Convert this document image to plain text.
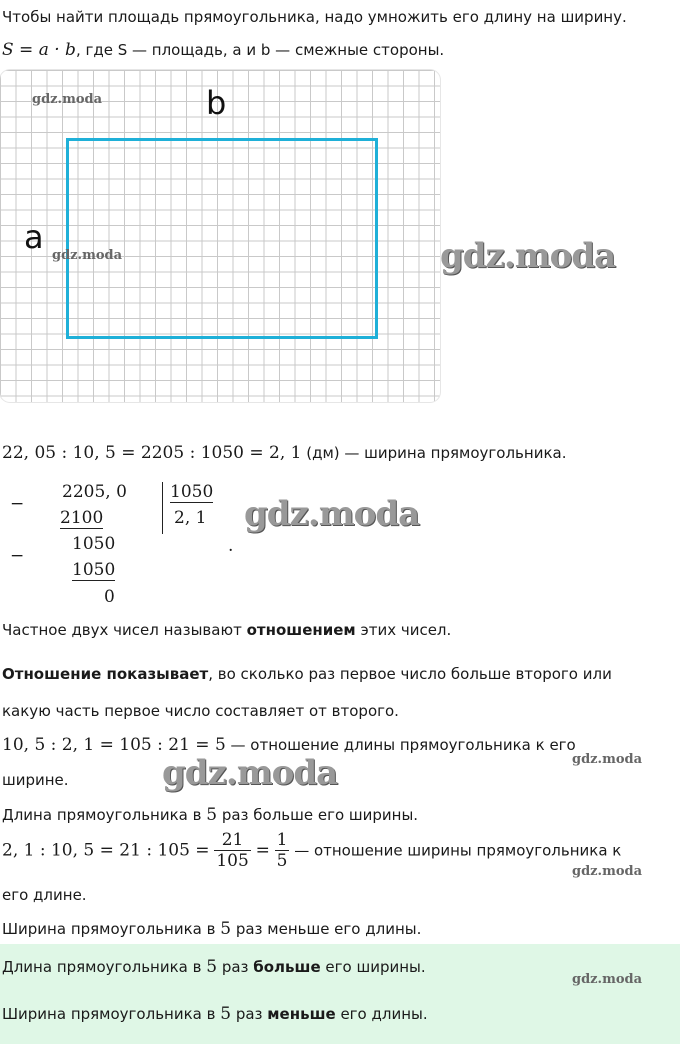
Чтобы найти площадь прямоугольника, надо умножить его длину на ширину.
S = a · b, где S — площадь, a и b — смежные стороны.
b
a
gdz.moda
gdz.moda	gdz.moda
22, 05 : 10, 5 = 2205 : 1050 = 2, 1 (дм) — ширина прямоугольника.
−
2205, 0
2100
1050
2, 1
−
1050
1050
0
.
gdz.moda
Частное двух чисел называют отношением этих чисел.
Отношение показывает, во сколько раз первое число больше второго или
какую часть первое число составляет от второго.
10, 5 : 2, 1 = 105 : 21 = 5 — отношение длины прямоугольника к его
ширине.
gdz.moda
gdz.moda
Длина прямоугольника в 5 раз больше его ширины.
2, 1 : 10, 5 = 21 : $105 = \frac{21}{105} = \frac{1}{5}$ — отношение ширины прямоугольника к
его длине.
gdz.moda
Ширина прямоугольника в 5 раз меньше его длины.
Длина прямоугольника в 5 раз больше его ширины.
gdz.moda
Ширина прямоугольника в 5 раз меньше его длины.
